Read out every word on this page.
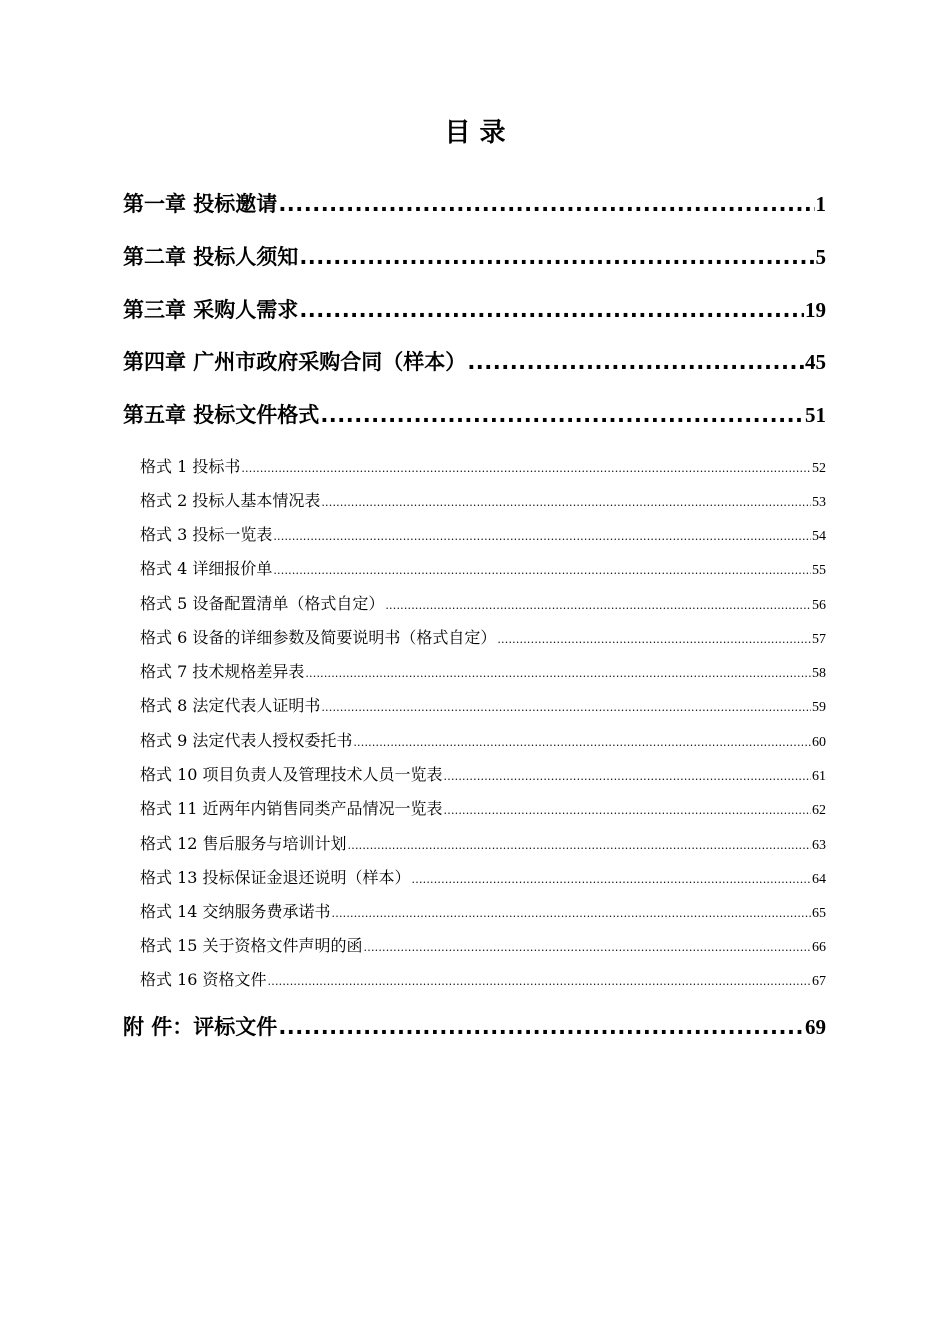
目 录
第一章 投标邀请 .....	1
第二章 投标人须知 .....	5
第三章 采购人需求 .....	19
第四章 广州市政府采购合同（样本） .....	45
第五章 投标文件格式 .....	51
格式 1 投标书 .....	52
格式 2 投标人基本情况表 .....	53
格式 3 投标一览表 .....	54
格式 4 详细报价单 .....	55
格式 5 设备配置清单（格式自定） .....	56
格式 6 设备的详细参数及简要说明书（格式自定） .....	57
格式 7 技术规格差异表 .....	58
格式 8 法定代表人证明书 .....	59
格式 9 法定代表人授权委托书 .....	60
格式 10 项目负责人及管理技术人员一览表 .....	61
格式 11 近两年内销售同类产品情况一览表 .....	62
格式 12 售后服务与培训计划 .....	63
格式 13 投标保证金退还说明（样本） .....	64
格式 14 交纳服务费承诺书 .....	65
格式 15 关于资格文件声明的函 .....	66
格式 16 资格文件 .....	67
附 件：评标文件 .....	69
